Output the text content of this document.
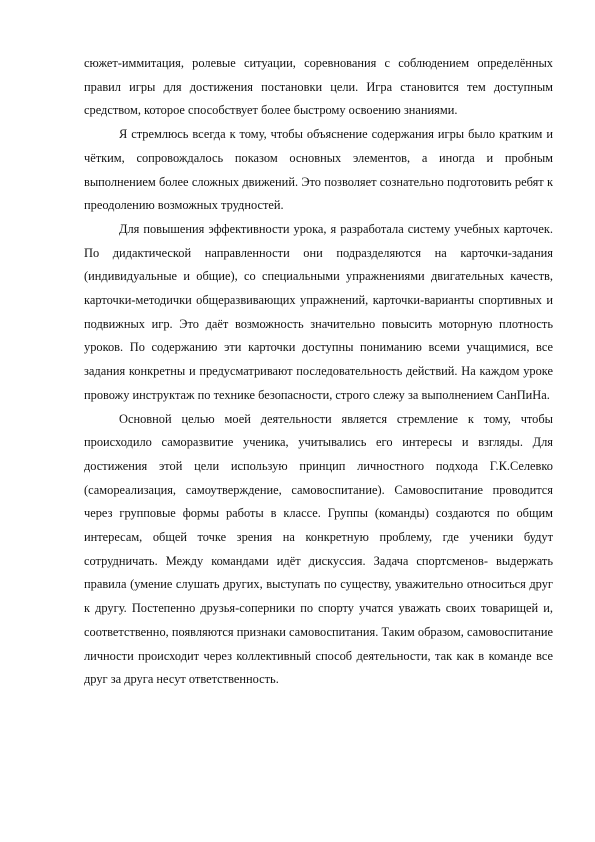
сюжет-иммитация, ролевые ситуации, соревнования с соблюдением определённых правил игры для достижения постановки цели. Игра становится тем доступным средством, которое способствует более быстрому освоению знаниями.

Я стремлюсь всегда к тому, чтобы объяснение содержания игры было кратким и чётким, сопровождалось показом основных элементов, а иногда и пробным выполнением более сложных движений. Это позволяет сознательно подготовить ребят к преодолению возможных трудностей.

Для повышения эффективности урока, я разработала систему учебных карточек. По дидактической направленности они подразделяются на карточки-задания (индивидуальные и общие), со специальными упражнениями двигательных качеств, карточки-методички общеразвивающих упражнений, карточки-варианты спортивных и подвижных игр. Это даёт возможность значительно повысить моторную плотность уроков. По содержанию эти карточки доступны пониманию всеми учащимися, все задания конкретны и предусматривают последовательность действий. На каждом уроке провожу инструктаж по технике безопасности, строго слежу за выполнением СанПиНа.

Основной целью моей деятельности является стремление к тому, чтобы происходило саморазвитие ученика, учитывались его интересы и взгляды. Для достижения этой цели использую принцип личностного подхода Г.К.Селевко (самореализация, самоутверждение, самовоспитание). Самовоспитание проводится через групповые формы работы в классе. Группы (команды) создаются по общим интересам, общей точке зрения на конкретную проблему, где ученики будут сотрудничать. Между командами идёт дискуссия. Задача спортсменов- выдержать правила (умение слушать других, выступать по существу, уважительно относиться друг к другу. Постепенно друзья-соперники по спорту учатся уважать своих товарищей и, соответственно, появляются признаки самовоспитания. Таким образом, самовоспитание личности происходит через коллективный способ деятельности, так как в команде все друг за друга несут ответственность.
